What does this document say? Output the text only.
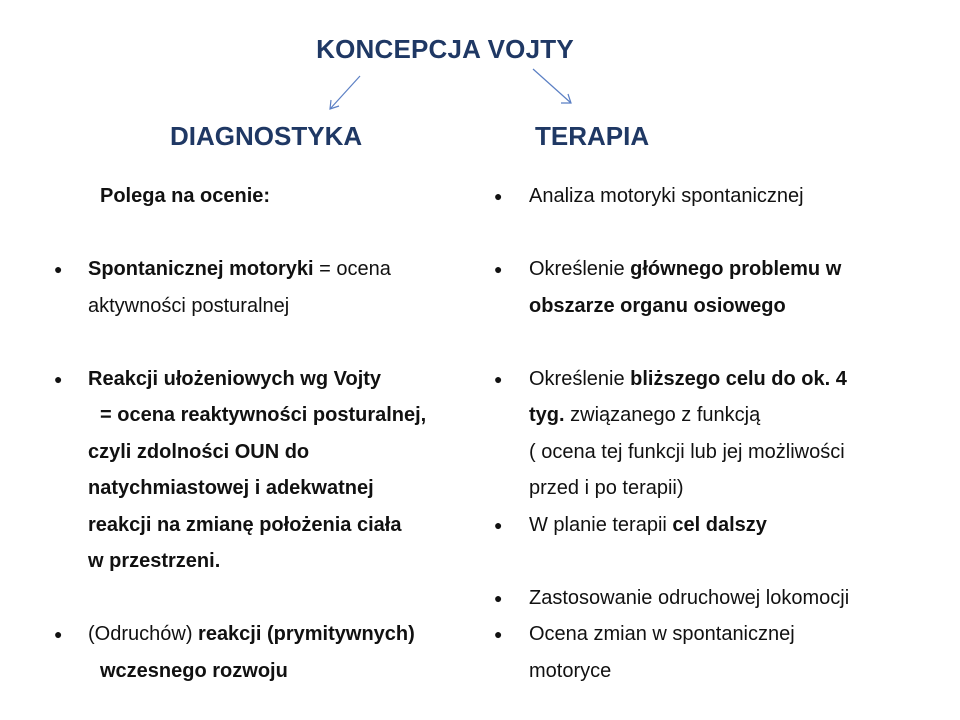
KONCEPCJA VOJTY
DIAGNOSTYKA	TERAPIA
Polega na ocenie:
● Spontanicznej motoryki = ocena
aktywności posturalnej
● Reakcji ułożeniowych wg Vojty
= ocena reaktywności posturalnej,
czyli zdolności OUN do
natychmiastowej i adekwatnej
reakcji na zmianę położenia ciała
w przestrzeni.
● (Odruchów) reakcji (prymitywnych)
wczesnego rozwoju
● Analiza motoryki spontanicznej
● Określenie głównego problemu w
obszarze organu osiowego
● Określenie bliższego celu do ok. 4
tyg. związanego z funkcją
( ocena tej funkcji lub jej możliwości
przed i po terapii)
● W planie terapii cel dalszy
● Zastosowanie odruchowej lokomocji
● Ocena zmian w spontanicznej
motoryce
